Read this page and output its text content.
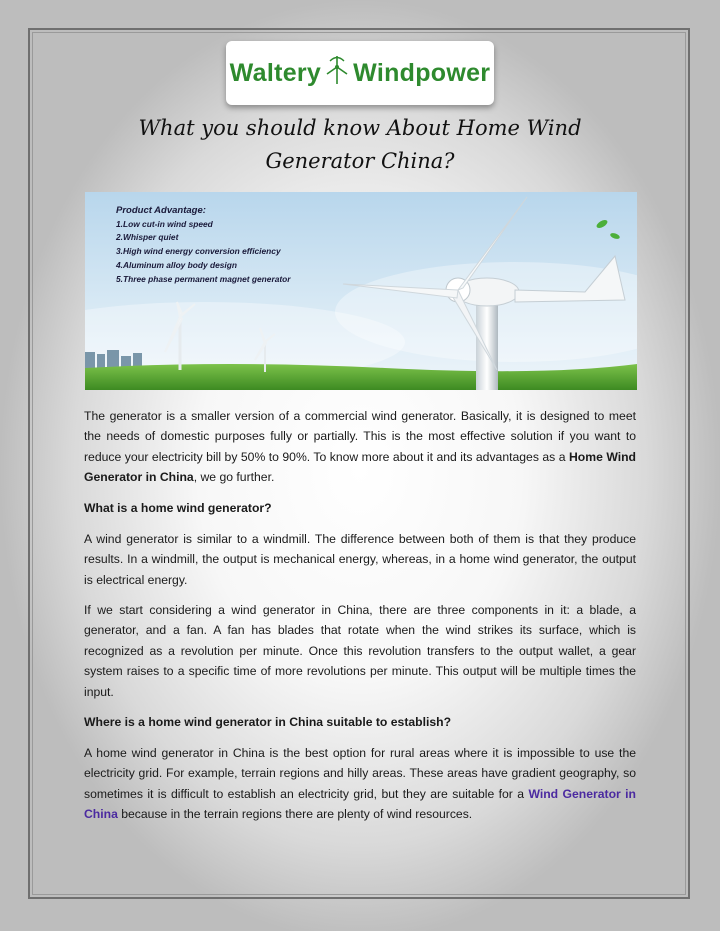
Waltery Windpower
What you should know About Home Wind Generator China?
Product Advantage:
1.Low cut-in wind speed
2.Whisper quiet
3.High wind energy conversion efficiency
4.Aluminum alloy body design
5.Three phase permanent magnet generator

The generator is a smaller version of a commercial wind generator. Basically, it is designed to meet the needs of domestic purposes fully or partially. This is the most effective solution if you want to reduce your electricity bill by 50% to 90%. To know more about it and its advantages as a Home Wind Generator in China, we go further.

What is a home wind generator?

A wind generator is similar to a windmill. The difference between both of them is that they produce results. In a windmill, the output is mechanical energy, whereas, in a home wind generator, the output is electrical energy.

If we start considering a wind generator in China, there are three components in it: a blade, a generator, and a fan. A fan has blades that rotate when the wind strikes its surface, which is recognized as a revolution per minute. Once this revolution transfers to the output wallet, a gear system raises to a specific time of more revolutions per minute. This output will be multiple times the input.

Where is a home wind generator in China suitable to establish?

A home wind generator in China is the best option for rural areas where it is impossible to use the electricity grid. For example, terrain regions and hilly areas. These areas have gradient geography, so sometimes it is difficult to establish an electricity grid, but they are suitable for a Wind Generator in China because in the terrain regions there are plenty of wind resources.
